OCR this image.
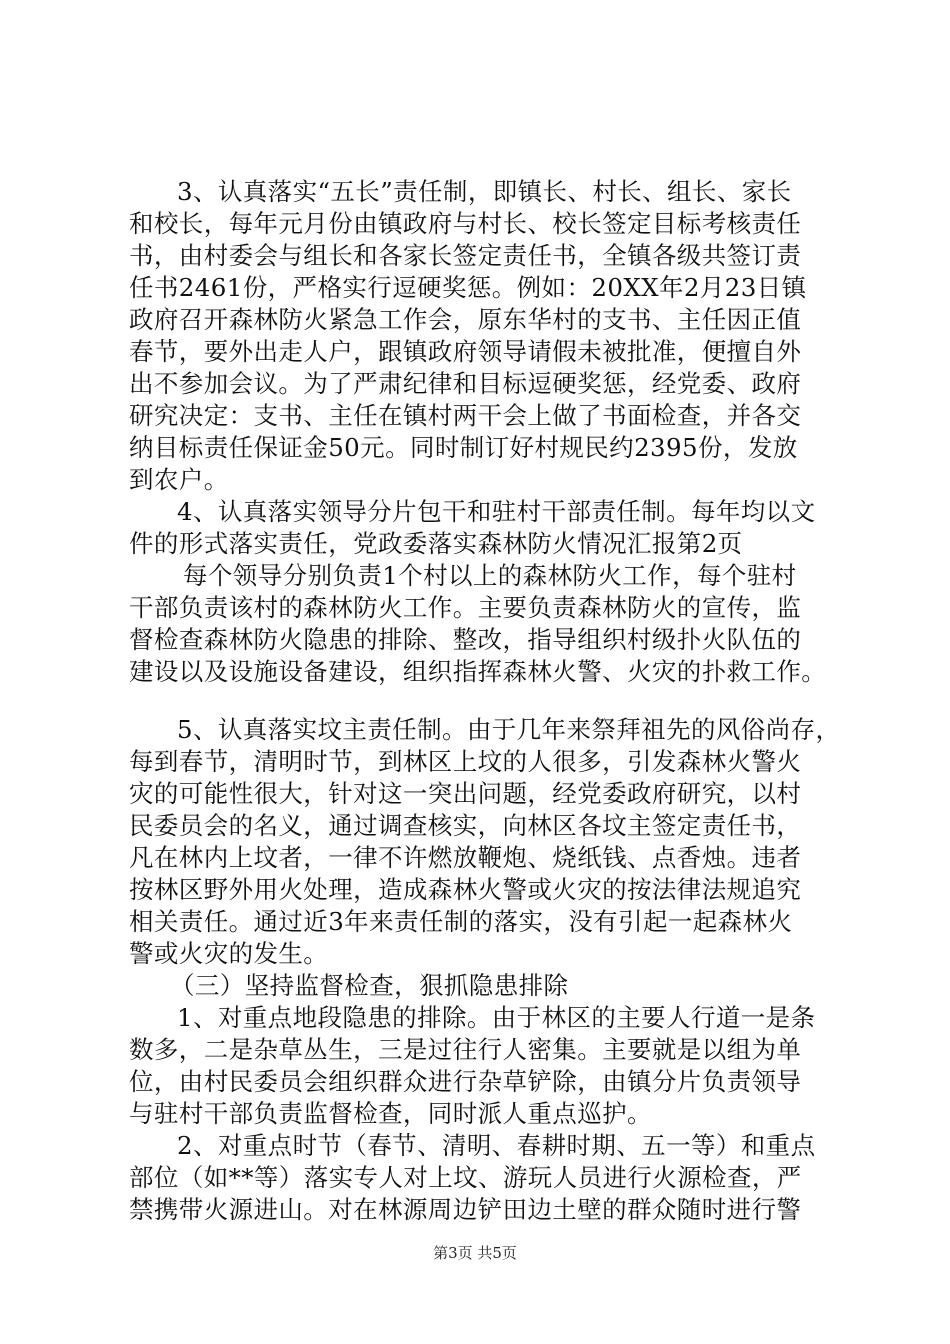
3、认真落实“五长”责任制，即镇长、村长、组长、家长
和校长，每年元月份由镇政府与村长、校长签定目标考核责任
书，由村委会与组长和各家长签定责任书，全镇各级共签订责
任书2461份，严格实行逗硬奖惩。例如：20XX年2月23日镇
政府召开森林防火紧急工作会，原东华村的支书、主任因正值
春节，要外出走人户，跟镇政府领导请假未被批准，便擅自外
出不参加会议。为了严肃纪律和目标逗硬奖惩，经党委、政府
研究决定：支书、主任在镇村两干会上做了书面检查，并各交
纳目标责任保证金50元。同时制订好村规民约2395份，发放
到农户。
4、认真落实领导分片包干和驻村干部责任制。每年均以文
件的形式落实责任，党政委落实森林防火情况汇报第2页
每个领导分别负责1个村以上的森林防火工作，每个驻村
干部负责该村的森林防火工作。主要负责森林防火的宣传，监
督检查森林防火隐患的排除、整改，指导组织村级扑火队伍的
建设以及设施设备建设，组织指挥森林火警、火灾的扑救工作。
5、认真落实坟主责任制。由于几年来祭拜祖先的风俗尚存，
每到春节，清明时节，到林区上坟的人很多，引发森林火警火
灾的可能性很大，针对这一突出问题，经党委政府研究，以村
民委员会的名义，通过调查核实，向林区各坟主签定责任书，
凡在林内上坟者，一律不许燃放鞭炮、烧纸钱、点香烛。违者
按林区野外用火处理，造成森林火警或火灾的按法律法规追究
相关责任。通过近3年来责任制的落实，没有引起一起森林火
警或火灾的发生。
（三）坚持监督检查，狠抓隐患排除
1、对重点地段隐患的排除。由于林区的主要人行道一是条
数多，二是杂草丛生，三是过往行人密集。主要就是以组为单
位，由村民委员会组织群众进行杂草铲除，由镇分片负责领导
与驻村干部负责监督检查，同时派人重点巡护。
2、对重点时节（春节、清明、春耕时期、五一等）和重点
部位（如**等）落实专人对上坟、游玩人员进行火源检查，严
禁携带火源进山。对在林源周边铲田边土壁的群众随时进行警
第3页 共5页
